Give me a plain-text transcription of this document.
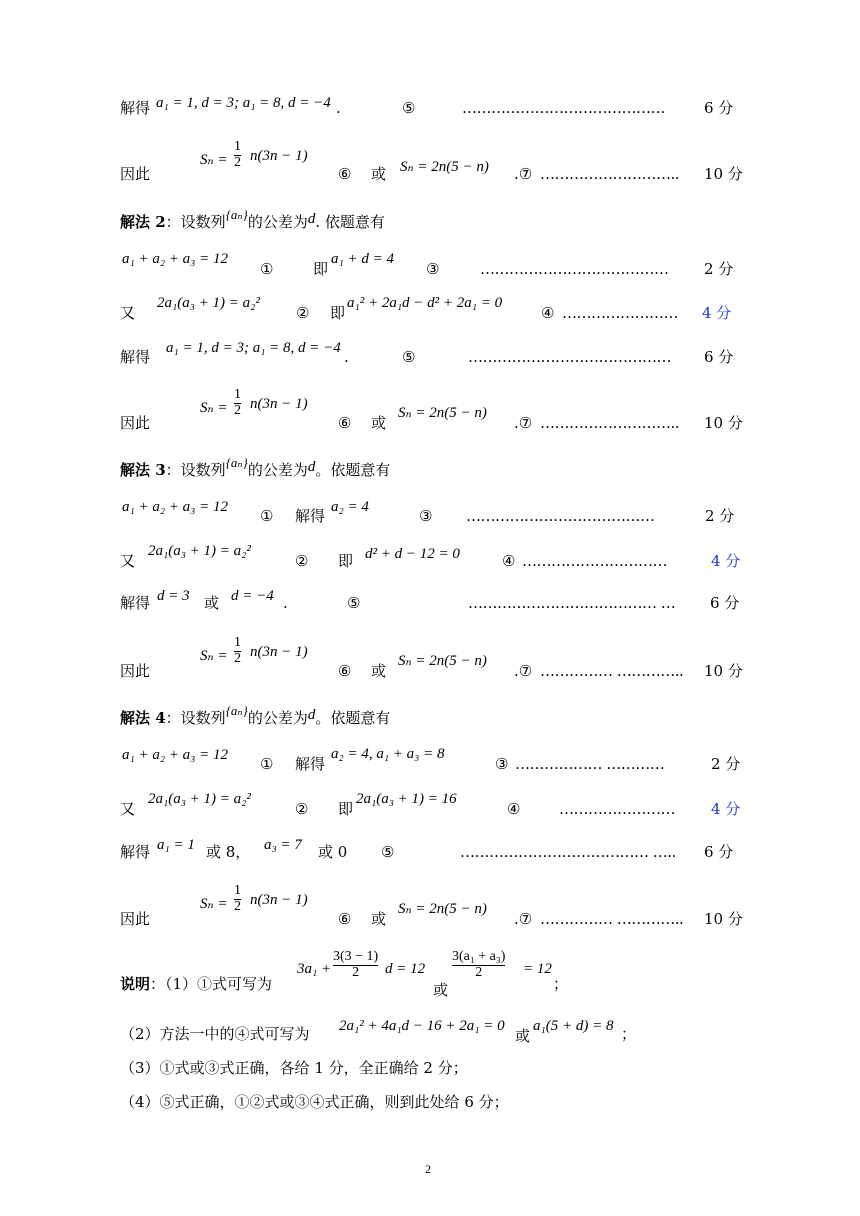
解得 a₁ = 1, d = 3; a₁ = 8, d = −4 .	⑤	……………………………………	6 分
因此
Sₙ =
1
2 n(3n − 1)
⑥ 或 Sₙ = 2n(5 − n) .⑦ ……………………….. 10 分
解法 2：设数列{aₙ}的公差为d. 依题意有
a₁ + a₂ + a₃ = 12
①	即
a₁ + d = 4
③	………………………………… 2 分
又
2a₁(a₃ + 1) = a₂²
② 即
a₁² + 2a₁d − d² + 2a₁ = 0
④ …………………… 4 分
解得 a₁ = 1, d = 3; a₁ = 8, d = −4 .	⑤	…………………………………… 6 分
因此
Sₙ =
1
2 n(3n − 1)
⑥ 或
Sₙ = 2n(5 − n)
.⑦ ……………………….. 10 分
解法 3：设数列{aₙ}的公差为d。依题意有
a₁ + a₂ + a₃ = 12 ① 解得 a₂ = 4	③ …………………………………	2 分
又
2a₁(a₃ + 1) = a₂²
② 即 d² + d − 12 = 0	④ …………………………	4 分
解得 d = 3 或 d = −4 .	⑤	………………………………… … 6 分
因此
Sₙ =
1
2 n(3n − 1)
⑥ 或
Sₙ = 2n(5 − n)
.⑦ …………… ………….. 10 分
解法 4：设数列{aₙ}的公差为d。依题意有
a₁ + a₂ + a₃ = 12 ① 解得
a₂ = 4, a₁ + a₃ = 8
③ ……………… …………	2 分
又
2a₁(a₃ + 1) = a₂²
② 即
2a₁(a₃ + 1) = 16
④	…………………… 4 分
解得 a₁ = 1 或 8， a₃ = 7 或 0 ⑤	………………………………… ….. 6 分
因此
Sₙ =
1
2 n(3n − 1)
⑥ 或
Sₙ = 2n(5 − n)
.⑦ …………… ………….. 10 分
说明：（1）①式可写为
3a₁ +
3(3 − 1)
2 d = 12
或
3(a₁ + a₃)
2	= 12
；
（2）方法一中的④式可写为 2a₁² + 4a₁d − 16 + 2a₁ = 0
或
a₁(5 + d) = 8 ；
（3）①式或③式正确，各给 1 分，全正确给 2 分；
（4）⑤式正确，①②式或③④式正确，则到此处给 6 分；
2
